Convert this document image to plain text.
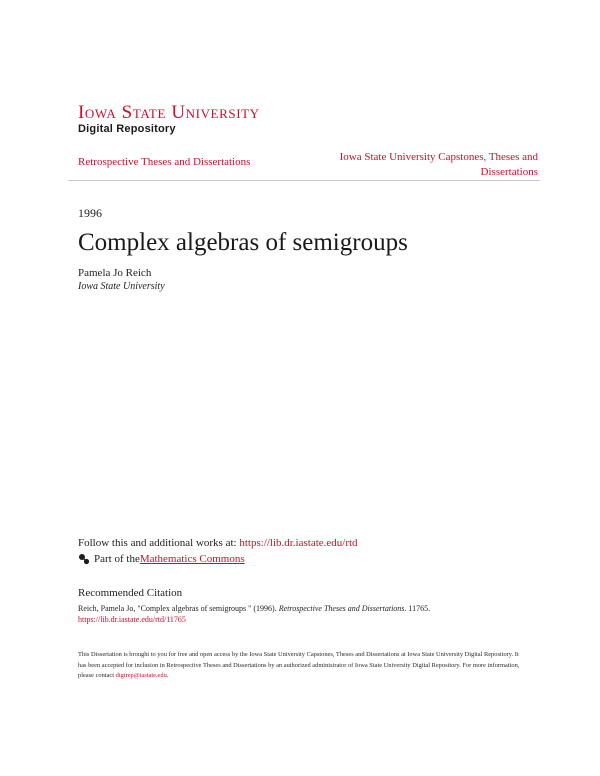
Iowa State University
Digital Repository
Retrospective Theses and Dissertations	Iowa State University Capstones, Theses and Dissertations
1996
Complex algebras of semigroups
Pamela Jo Reich
Iowa State University
Follow this and additional works at: https://lib.dr.iastate.edu/rtd
Part of the Mathematics Commons
Recommended Citation
Reich, Pamela Jo, "Complex algebras of semigroups " (1996). Retrospective Theses and Dissertations. 11765.
https://lib.dr.iastate.edu/rtd/11765
This Dissertation is brought to you for free and open access by the Iowa State University Capstones, Theses and Dissertations at Iowa State University Digital Repository. It has been accepted for inclusion in Retrospective Theses and Dissertations by an authorized administrator of Iowa State University Digital Repository. For more information, please contact digirep@iastate.edu.
